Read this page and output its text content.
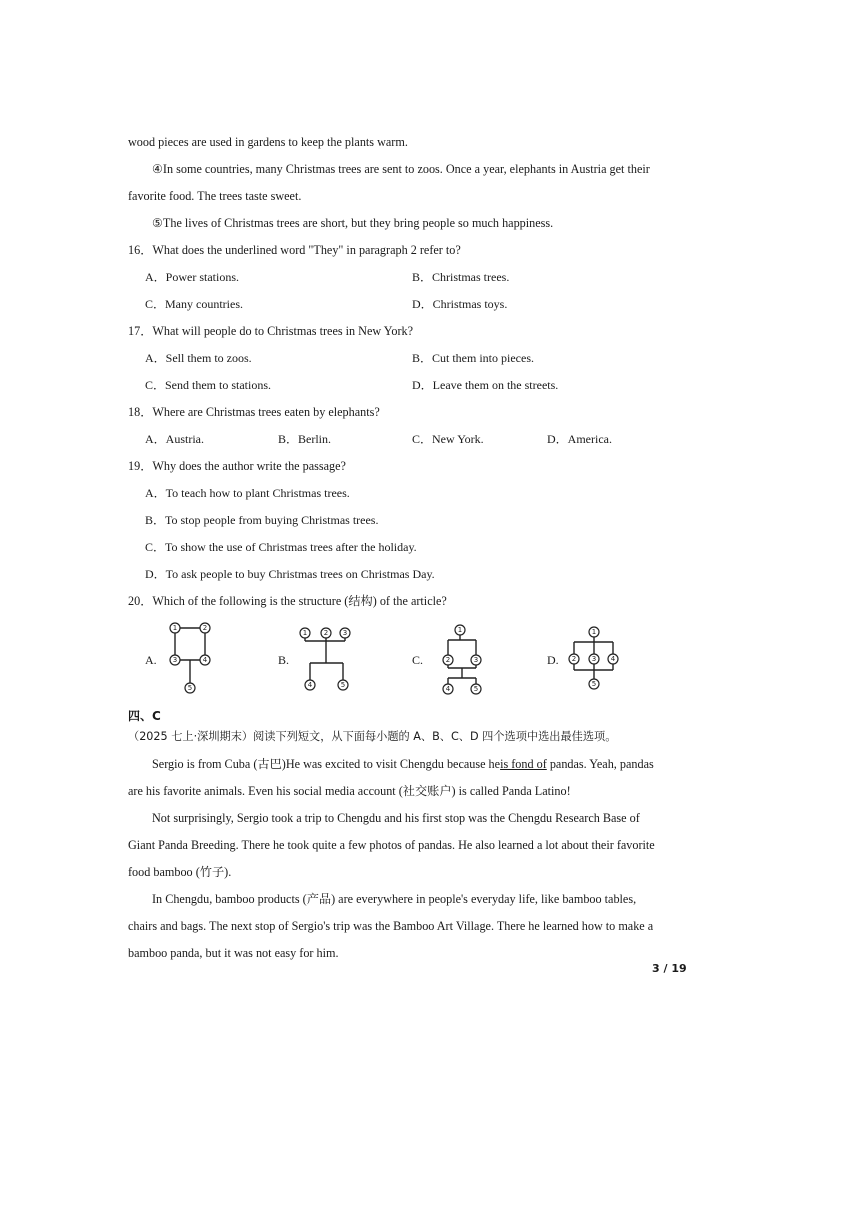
wood pieces are used in gardens to keep the plants warm.
④In some countries, many Christmas trees are sent to zoos. Once a year, elephants in Austria get their
favorite food. The trees taste sweet.
⑤The lives of Christmas trees are short, but they bring people so much happiness.
16．What does the underlined word "They" in paragraph 2 refer to?
A．Power stations.	B．Christmas trees.
C．Many countries.	D．Christmas toys.
17．What will people do to Christmas trees in New York?
A．Sell them to zoos.	B．Cut them into pieces.
C．Send them to stations.	D．Leave them on the streets.
18．Where are Christmas trees eaten by elephants?
A．Austria.	B．Berlin.	C．New York.	D．America.
19．Why does the author write the passage?
A．To teach how to plant Christmas trees.
B．To stop people from buying Christmas trees.
C．To show the use of Christmas trees after the holiday.
D．To ask people to buy Christmas trees on Christmas Day.
20．Which of the following is the structure (结构) of the article?
A.
1	2
3	4
5
B.
1 2 3
4	5
C.
1
2	3
4	5
D.
1
2 3 4
5
四、C
（2025 七上·深圳期末）阅读下列短文，从下面每小题的 A、B、C、D 四个选项中选出最佳选项。
Sergio is from Cuba (古巴)He was excited to visit Chengdu because heis fond of pandas. Yeah, pandas
are his favorite animals. Even his social media account (社交账户) is called Panda Latino!
Not surprisingly, Sergio took a trip to Chengdu and his first stop was the Chengdu Research Base of
Giant Panda Breeding. There he took quite a few photos of pandas. He also learned a lot about their favorite
food bamboo (竹子).
In Chengdu, bamboo products (产品) are everywhere in people's everyday life, like bamboo tables,
chairs and bags. The next stop of Sergio's trip was the Bamboo Art Village. There he learned how to make a
bamboo panda, but it was not easy for him.
3 / 19
